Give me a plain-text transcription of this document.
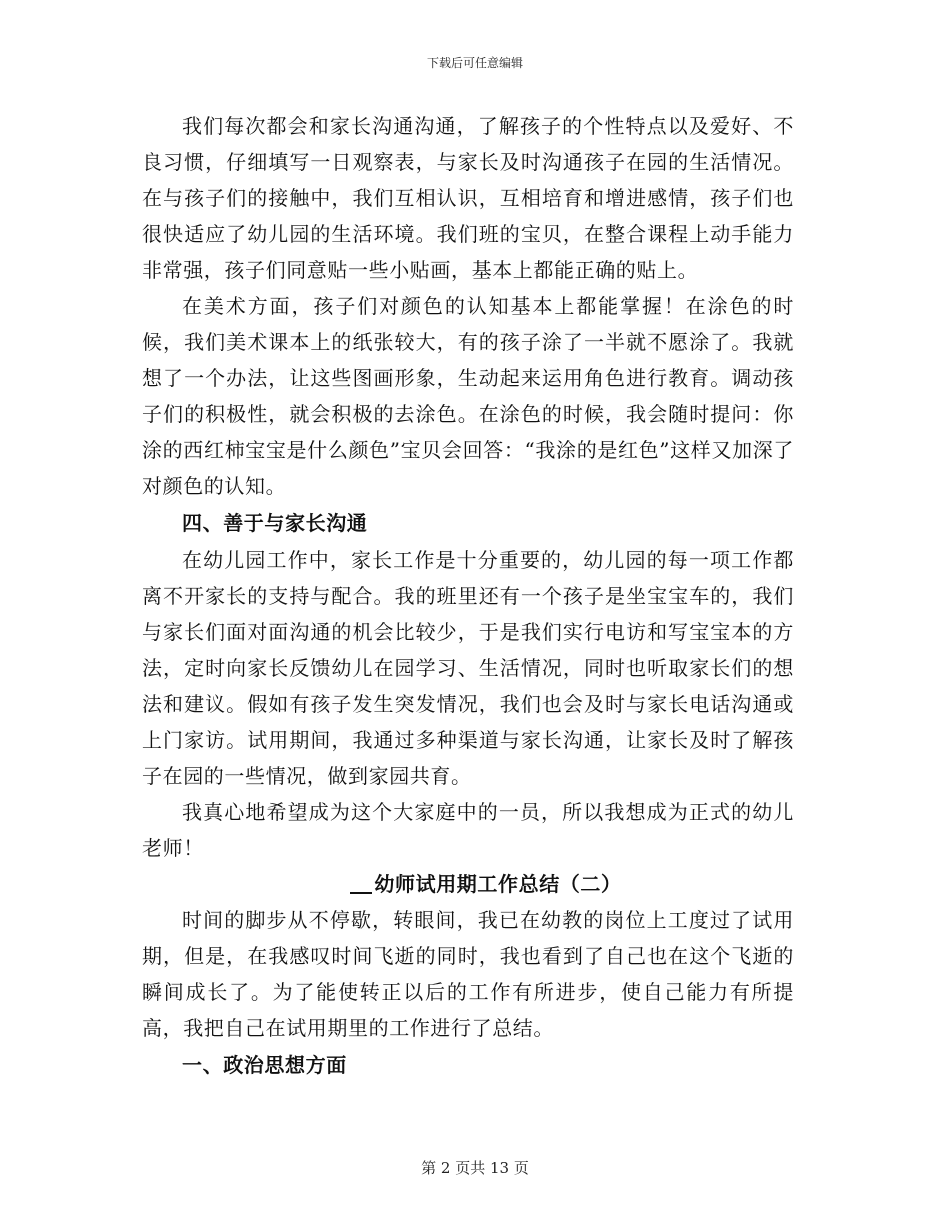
下载后可任意编辑

我们每次都会和家长沟通沟通，了解孩子的个性特点以及爱好、不良习惯，仔细填写一日观察表，与家长及时沟通孩子在园的生活情况。在与孩子们的接触中，我们互相认识，互相培育和增进感情，孩子们也很快适应了幼儿园的生活环境。我们班的宝贝，在整合课程上动手能力非常强，孩子们同意贴一些小贴画，基本上都能正确的贴上。

在美术方面，孩子们对颜色的认知基本上都能掌握！在涂色的时候，我们美术课本上的纸张较大，有的孩子涂了一半就不愿涂了。我就想了一个办法，让这些图画形象，生动起来运用角色进行教育。调动孩子们的积极性，就会积极的去涂色。在涂色的时候，我会随时提问：你涂的西红柿宝宝是什么颜色”宝贝会回答：“我涂的是红色”这样又加深了对颜色的认知。

四、善于与家长沟通

在幼儿园工作中，家长工作是十分重要的，幼儿园的每一项工作都离不开家长的支持与配合。我的班里还有一个孩子是坐宝宝车的，我们与家长们面对面沟通的机会比较少，于是我们实行电访和写宝宝本的方法，定时向家长反馈幼儿在园学习、生活情况，同时也听取家长们的想法和建议。假如有孩子发生突发情况，我们也会及时与家长电话沟通或上门家访。试用期间，我通过多种渠道与家长沟通，让家长及时了解孩子在园的一些情况，做到家园共育。

我真心地希望成为这个大家庭中的一员，所以我想成为正式的幼儿老师！

幼师试用期工作总结（二）

时间的脚步从不停歇，转眼间，我已在幼教的岗位上工度过了试用期，但是，在我感叹时间飞逝的同时，我也看到了自己也在这个飞逝的瞬间成长了。为了能使转正以后的工作有所进步，使自己能力有所提高，我把自己在试用期里的工作进行了总结。

一、政治思想方面

第 2 页共 13 页
